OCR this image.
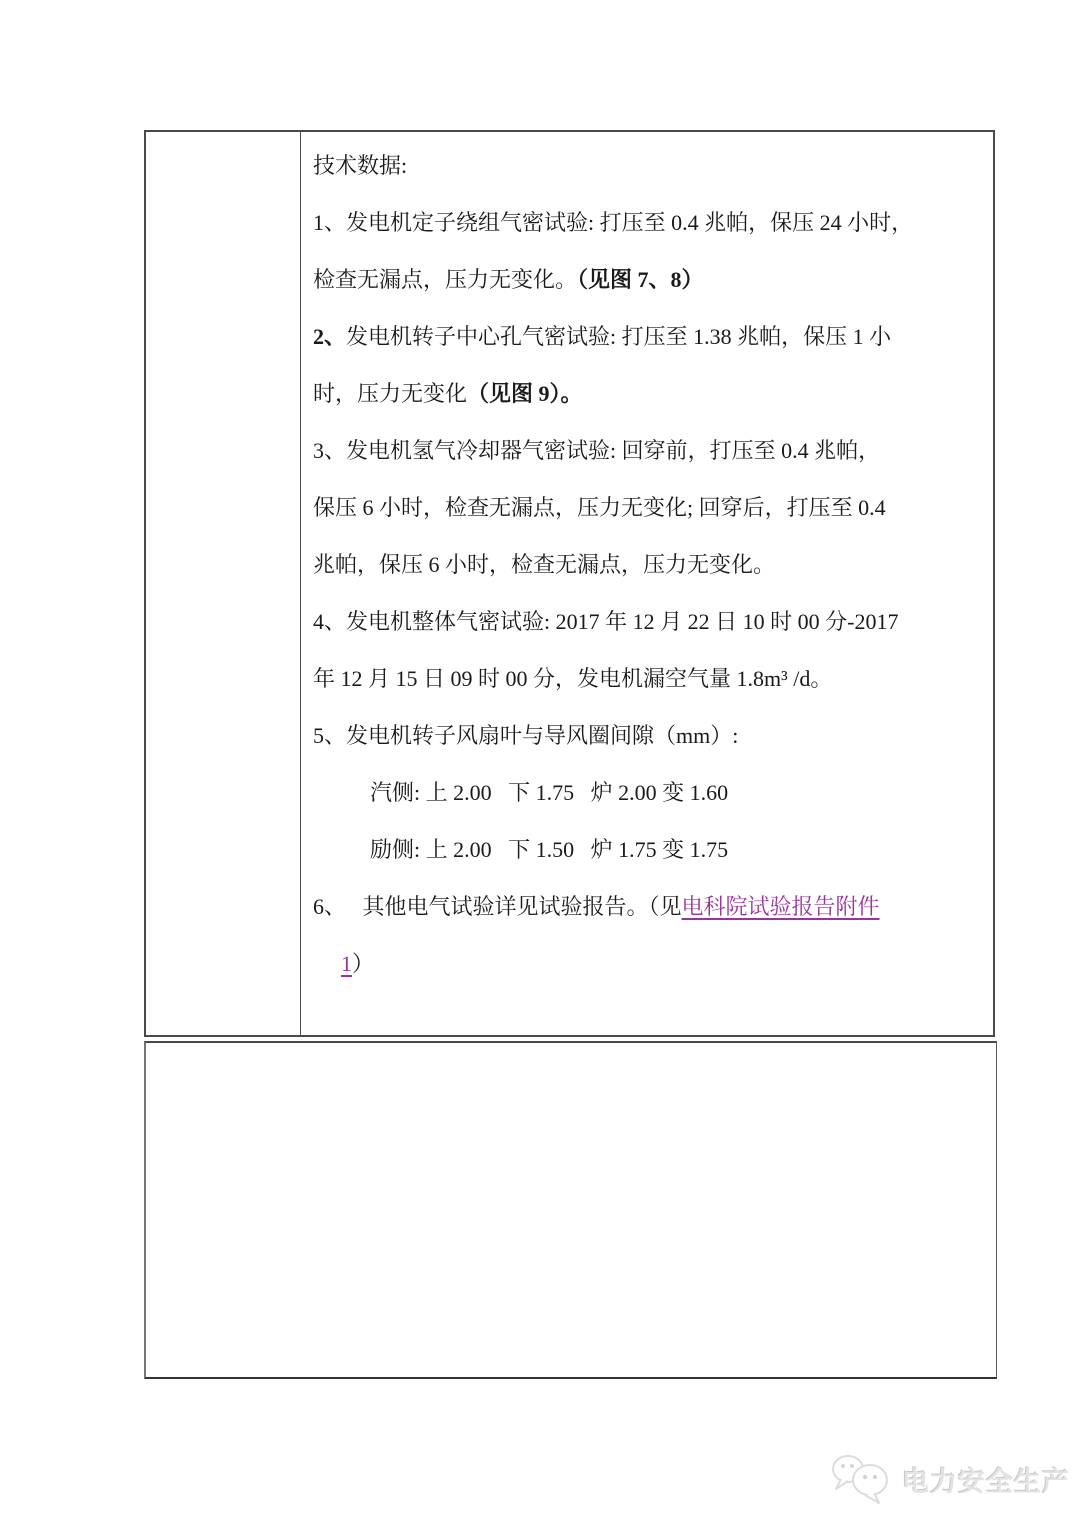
技术数据:
1、发电机定子绕组气密试验: 打压至 0.4 兆帕，保压 24 小时，
检查无漏点，压力无变化。（见图 7、8）
2、发电机转子中心孔气密试验: 打压至 1.38 兆帕，保压 1 小
时，压力无变化（见图 9）。
3、发电机氢气冷却器气密试验: 回穿前，打压至 0.4 兆帕，
保压 6 小时，检查无漏点，压力无变化; 回穿后，打压至 0.4
兆帕，保压 6 小时，检查无漏点，压力无变化。
4、发电机整体气密试验: 2017 年 12 月 22 日 10 时 00 分-2017
年 12 月 15 日 09 时 00 分，发电机漏空气量 1.8m³ /d。
5、发电机转子风扇叶与导风圈间隙（mm）:
汽侧: 上 2.00   下 1.75   炉 2.00 变 1.60
励侧: 上 2.00   下 1.50   炉 1.75 变 1.75
6、   其他电气试验详见试验报告。（见电科院试验报告附件
1）
电力安全生产
